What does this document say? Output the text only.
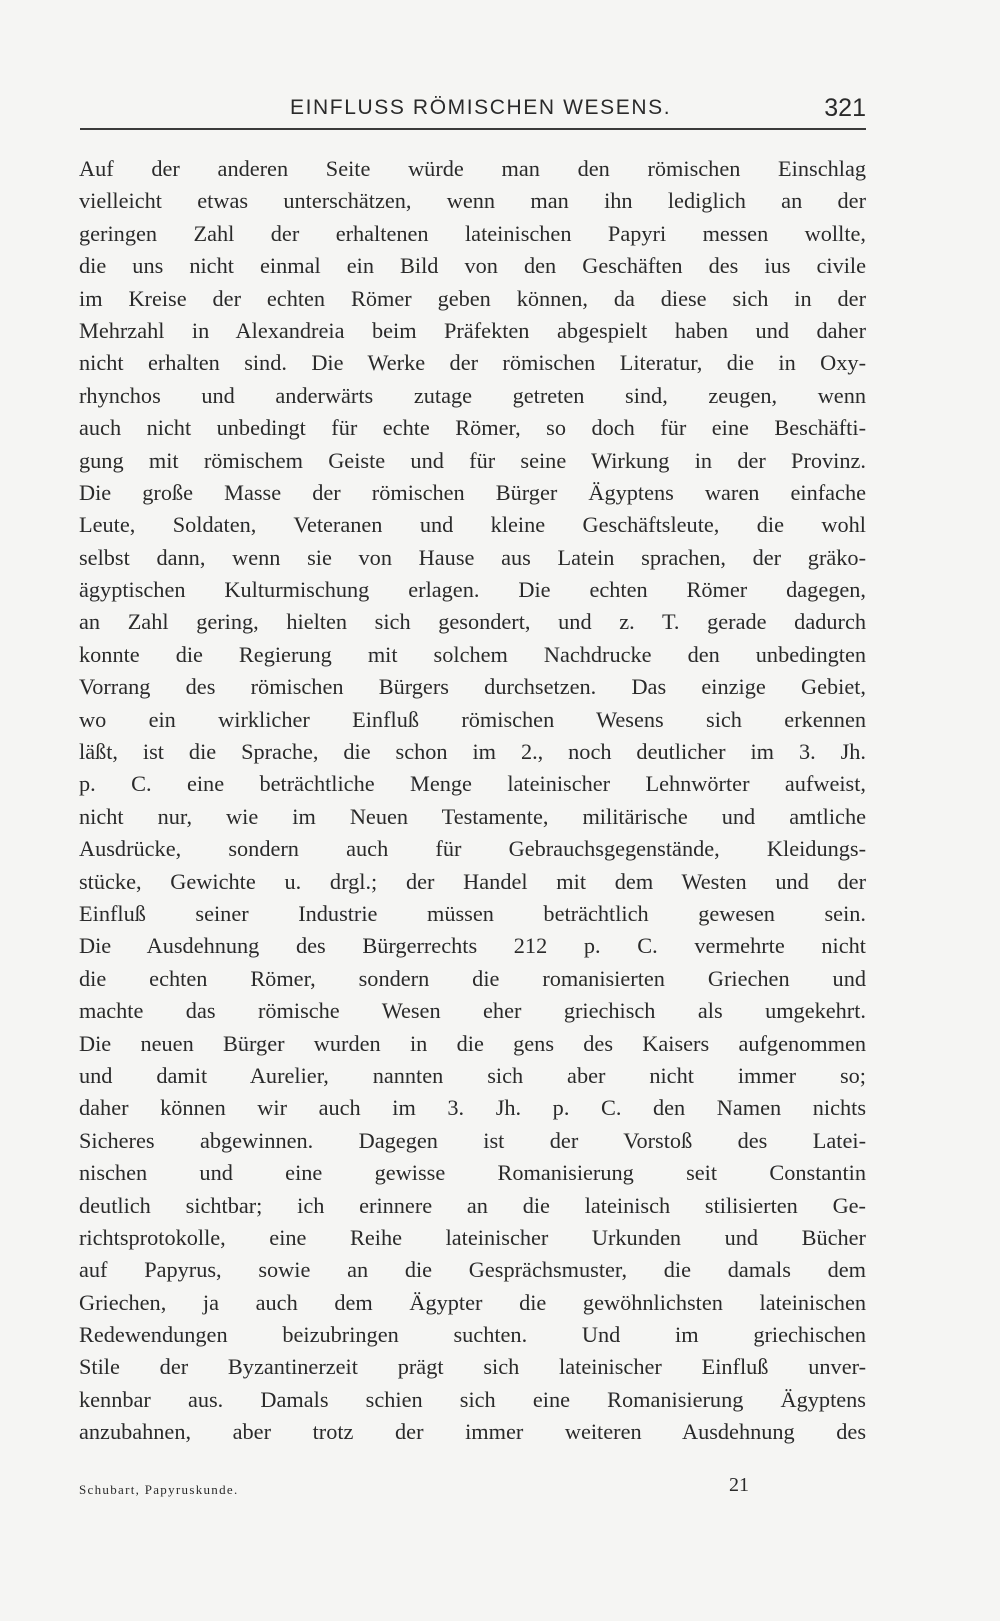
EINFLUSS RÖMISCHEN WESENS.	321
Auf der anderen Seite würde man den römischen Einschlag
vielleicht etwas unterschätzen, wenn man ihn lediglich an der
geringen Zahl der erhaltenen lateinischen Papyri messen wollte,
die uns nicht einmal ein Bild von den Geschäften des ius civile
im Kreise der echten Römer geben können, da diese sich in der
Mehrzahl in Alexandreia beim Präfekten abgespielt haben und daher
nicht erhalten sind. Die Werke der römischen Literatur, die in Oxy-
rhynchos und anderwärts zutage getreten sind, zeugen, wenn
auch nicht unbedingt für echte Römer, so doch für eine Beschäfti-
gung mit römischem Geiste und für seine Wirkung in der Provinz.
Die große Masse der römischen Bürger Ägyptens waren einfache
Leute, Soldaten, Veteranen und kleine Geschäftsleute, die wohl
selbst dann, wenn sie von Hause aus Latein sprachen, der gräko-
ägyptischen Kulturmischung erlagen. Die echten Römer dagegen,
an Zahl gering, hielten sich gesondert, und z. T. gerade dadurch
konnte die Regierung mit solchem Nachdrucke den unbedingten
Vorrang des römischen Bürgers durchsetzen. Das einzige Gebiet,
wo ein wirklicher Einfluß römischen Wesens sich erkennen
läßt, ist die Sprache, die schon im 2., noch deutlicher im 3. Jh.
p. C. eine beträchtliche Menge lateinischer Lehnwörter aufweist,
nicht nur, wie im Neuen Testamente, militärische und amtliche
Ausdrücke, sondern auch für Gebrauchsgegenstände, Kleidungs-
stücke, Gewichte u. drgl.; der Handel mit dem Westen und der
Einfluß seiner Industrie müssen beträchtlich gewesen sein.
Die Ausdehnung des Bürgerrechts 212 p. C. vermehrte nicht
die echten Römer, sondern die romanisierten Griechen und
machte das römische Wesen eher griechisch als umgekehrt.
Die neuen Bürger wurden in die gens des Kaisers aufgenommen
und damit Aurelier, nannten sich aber nicht immer so;
daher können wir auch im 3. Jh. p. C. den Namen nichts
Sicheres abgewinnen. Dagegen ist der Vorstoß des Latei-
nischen und eine gewisse Romanisierung seit Constantin
deutlich sichtbar; ich erinnere an die lateinisch stilisierten Ge-
richtsprotokolle, eine Reihe lateinischer Urkunden und Bücher
auf Papyrus, sowie an die Gesprächsmuster, die damals dem
Griechen, ja auch dem Ägypter die gewöhnlichsten lateinischen
Redewendungen beizubringen suchten. Und im griechischen
Stile der Byzantinerzeit prägt sich lateinischer Einfluß unver-
kennbar aus. Damals schien sich eine Romanisierung Ägyptens
anzubahnen, aber trotz der immer weiteren Ausdehnung des
Schubart, Papyruskunde.	21
